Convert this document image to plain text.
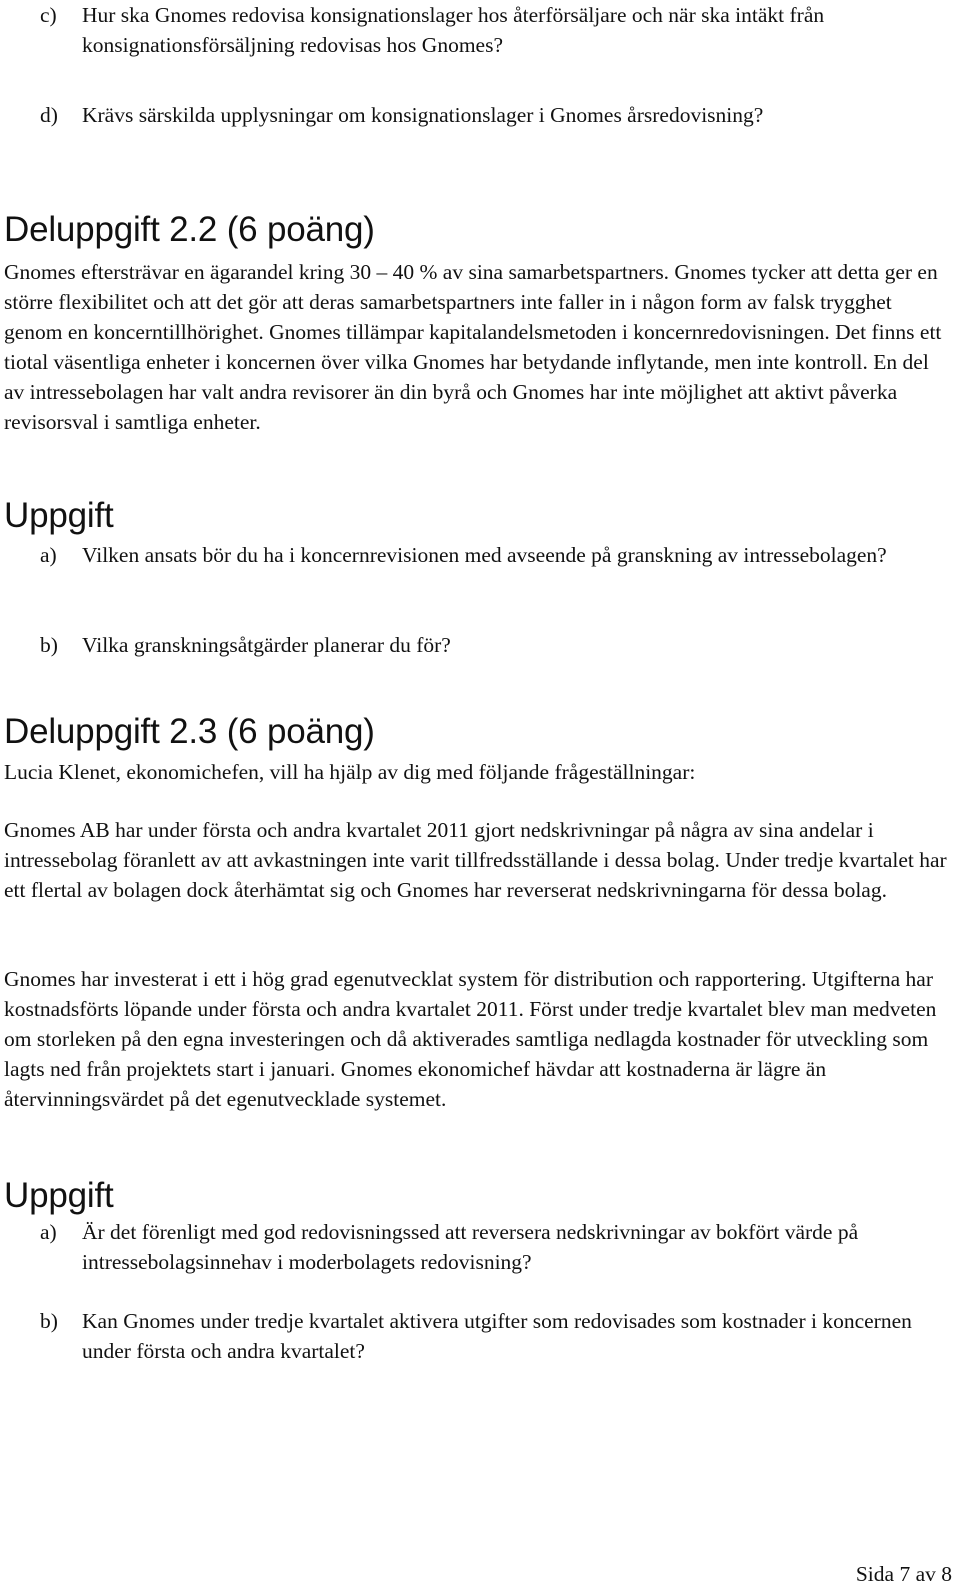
c) Hur ska Gnomes redovisa konsignationslager hos återförsäljare och när ska intäkt från konsignationsförsäljning redovisas hos Gnomes?
d) Krävs särskilda upplysningar om konsignationslager i Gnomes årsredovisning?
Deluppgift 2.2 (6 poäng)

Gnomes eftersträvar en ägarandel kring 30 – 40 % av sina samarbetspartners. Gnomes tycker att detta ger en större flexibilitet och att det gör att deras samarbetspartners inte faller in i någon form av falsk trygghet genom en koncerntillhörighet. Gnomes tillämpar kapitalandelsmetoden i koncernredovisningen. Det finns ett tiotal väsentliga enheter i koncernen över vilka Gnomes har betydande inflytande, men inte kontroll. En del av intressebolagen har valt andra revisorer än din byrå och Gnomes har inte möjlighet att aktivt påverka revisorsval i samtliga enheter.

Uppgift
a) Vilken ansats bör du ha i koncernrevisionen med avseende på granskning av intressebolagen?
b) Vilka granskningsåtgärder planerar du för?
Deluppgift 2.3 (6 poäng)

Lucia Klenet, ekonomichefen, vill ha hjälp av dig med följande frågeställningar:

Gnomes AB har under första och andra kvartalet 2011 gjort nedskrivningar på några av sina andelar i intressebolag föranlett av att avkastningen inte varit tillfredsställande i dessa bolag. Under tredje kvartalet har ett flertal av bolagen dock återhämtat sig och Gnomes har reverserat nedskrivningarna för dessa bolag.

Gnomes har investerat i ett i hög grad egenutvecklat system för distribution och rapportering. Utgifterna har kostnadsförts löpande under första och andra kvartalet 2011. Först under tredje kvartalet blev man medveten om storleken på den egna investeringen och då aktiverades samtliga nedlagda kostnader för utveckling som lagts ned från projektets start i januari. Gnomes ekonomichef hävdar att kostnaderna är lägre än återvinningsvärdet på det egenutvecklade systemet.

Uppgift
a) Är det förenligt med god redovisningssed att reversera nedskrivningar av bokfört värde på intressebolagsinnehav i moderbolagets redovisning?
b) Kan Gnomes under tredje kvartalet aktivera utgifter som redovisades som kostnader i koncernen under första och andra kvartalet?
Sida 7 av 8
